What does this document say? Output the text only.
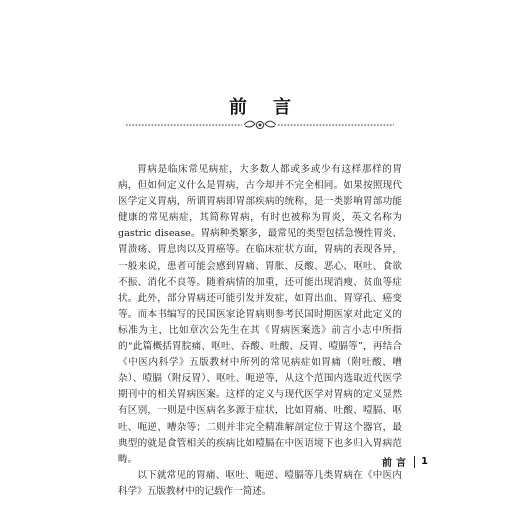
前言

胃病是临床常见病症，大多数人都或多或少有这样那样的胃病，但如何定义什么是胃病，古今却并不完全相同。如果按照现代医学定义胃病，所谓胃病即胃部疾病的统称，是一类影响胃部功能健康的常见病症，其简称胃病，有时也被称为胃炎，英文名称为 gastric disease。胃病种类繁多，最常见的类型包括急慢性胃炎、胃溃疡、胃息肉以及胃癌等。在临床症状方面，胃病的表现各异，一般来说，患者可能会感到胃痛、胃胀、反酸、恶心、呕吐、食欲不振、消化不良等。随着病情的加重，还可能出现消瘦、贫血等症状。此外，部分胃病还可能引发并发症，如胃出血、胃穿孔、癌变等。而本书编写的民国医家论胃病则参考民国时期医家对此定义的标准为主，比如章次公先生在其《胃病医案选》前言小志中所指的“此篇概括胃脘痛、呕吐、吞酸、吐酸、反胃、噎膈等”，再结合《中医内科学》五版教材中所列的常见病症如胃痛（附吐酸、嘈杂）、噎膈（附反胃）、呕吐、呃逆等，从这个范围内选取近代医学期刊中的相关胃病医案。这样的定义与现代医学对胃病的定义显然有区别，一则是中医病名多源于症状，比如胃痛、吐酸、噎膈、呕吐、呃逆、嘈杂等；二则并非完全精准解剖定位于胃这个器官，最典型的就是食管相关的疾病比如噎膈在中医语境下也多归入胃病范畴。

以下就常见的胃痛、呕吐、呃逆、噎膈等几类胃病在《中医内科学》五版教材中的记载作一简述。

前言 1
